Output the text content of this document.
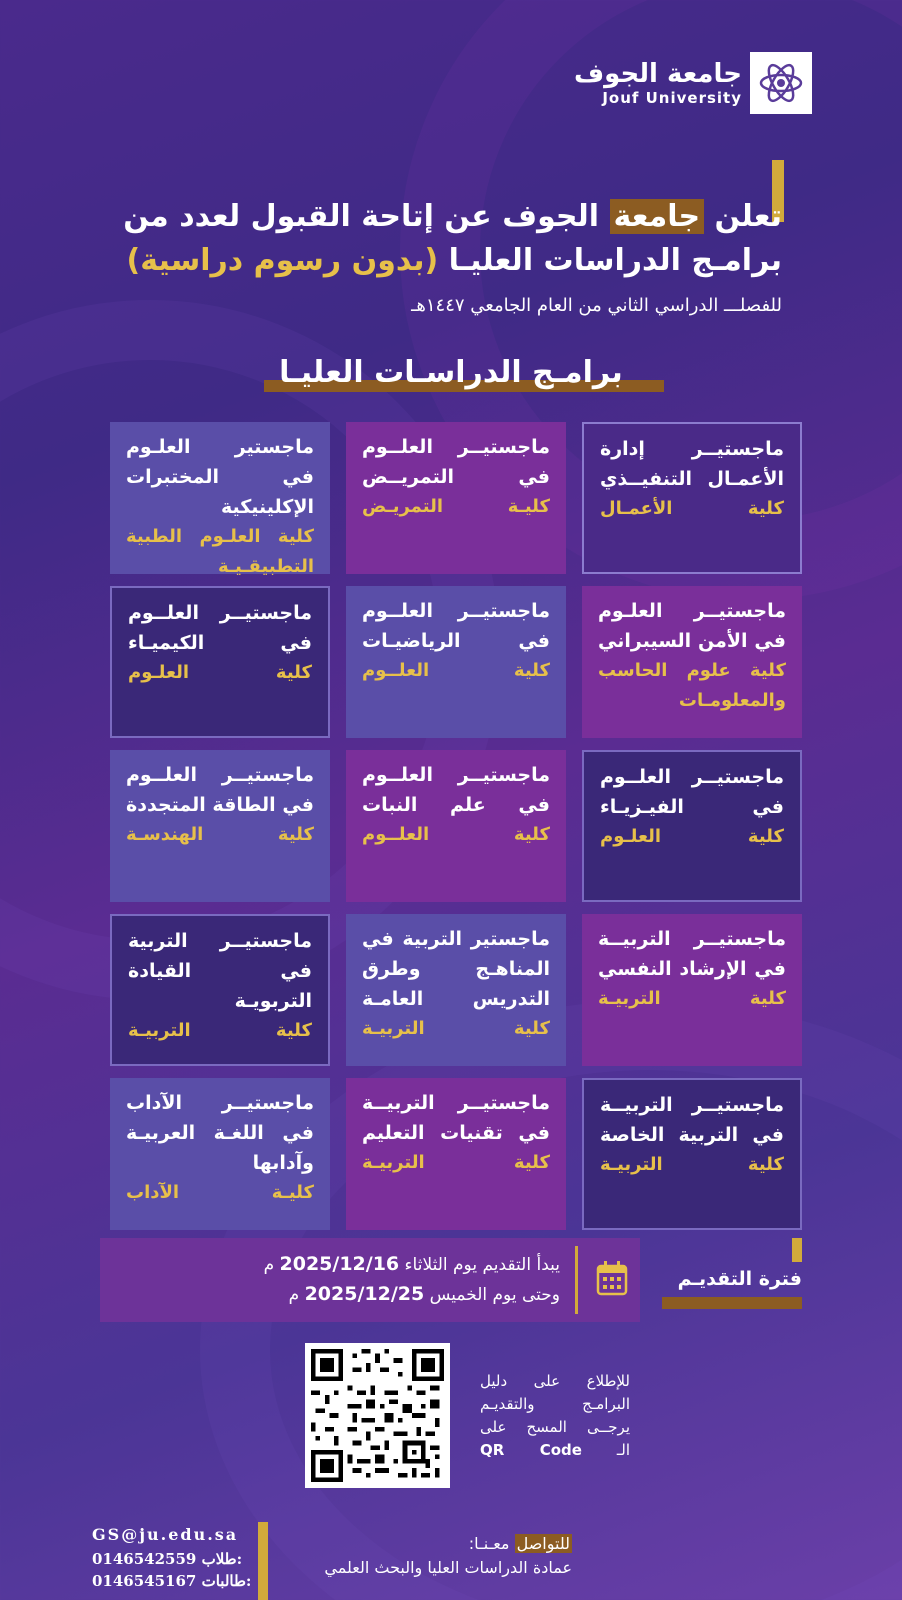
جامعة الجوف
Jouf University
تعلن جامعة الجوف عن إتاحة القبول لعدد من
برامـج الدراسات العليـا (بدون رسوم دراسية)
للفصلـــ الدراسي الثاني من العام الجامعي ١٤٤٧هـ
برامـج الدراسـات العليـا
ماجستيــر إدارة الأعمـال التنفيــذي
كلية الأعمـال
ماجستيــر العلــوم في التمريــض
كليـة التمريـض
ماجستير العلـوم في المختبرات الإكلينيكية
كلية العلـوم الطبية التطبيقـيـة
ماجستيــر العلـوم في الأمن السيبراني
كلية علوم الحاسب والمعلومـات
ماجستيــر العلــوم في الرياضيـات
كلية العلــوم
ماجستيــر العلــوم في الكيميـاء
كلية العلـوم
ماجستيــر العلــوم في الفيـزيـاء
كلية العلـوم
ماجستيــر العلــوم في علم النبات
كلية العلــوم
ماجستيــر العلــوم في الطاقة المتجددة
كلية الهندسـة
ماجستيــر التربيــة في الإرشاد النفسي
كلية التربيـة
ماجستير التربية في المناهـج وطرق التدريس العامـة
كلية التربيـة
ماجستيــر التربية في القيادة التربويـة
كلية التربيـة
ماجستيــر التربيــة في التربية الخاصة
كلية التربيـة
ماجستيــر التربيــة في تقنيات التعليم
كلية التربيـة
ماجستيــر الآداب في اللغـة العربيـة وآدابها
كليـة الآداب
فترة التقديـم
يبدأ التقديم يوم الثلاثاء 2025/12/16 م
وحتى يوم الخميس 2025/12/25 م
للإطلاع على دليل
البرامـج والتقديـم
يرجــى المسح على
الـ QR Code
GS@ju.edu.sa
0146542559 طلاب:
0146545167 طالبات:
للتواصل معـنـا:
عمادة الدراسات العليا والبحث العلمي
